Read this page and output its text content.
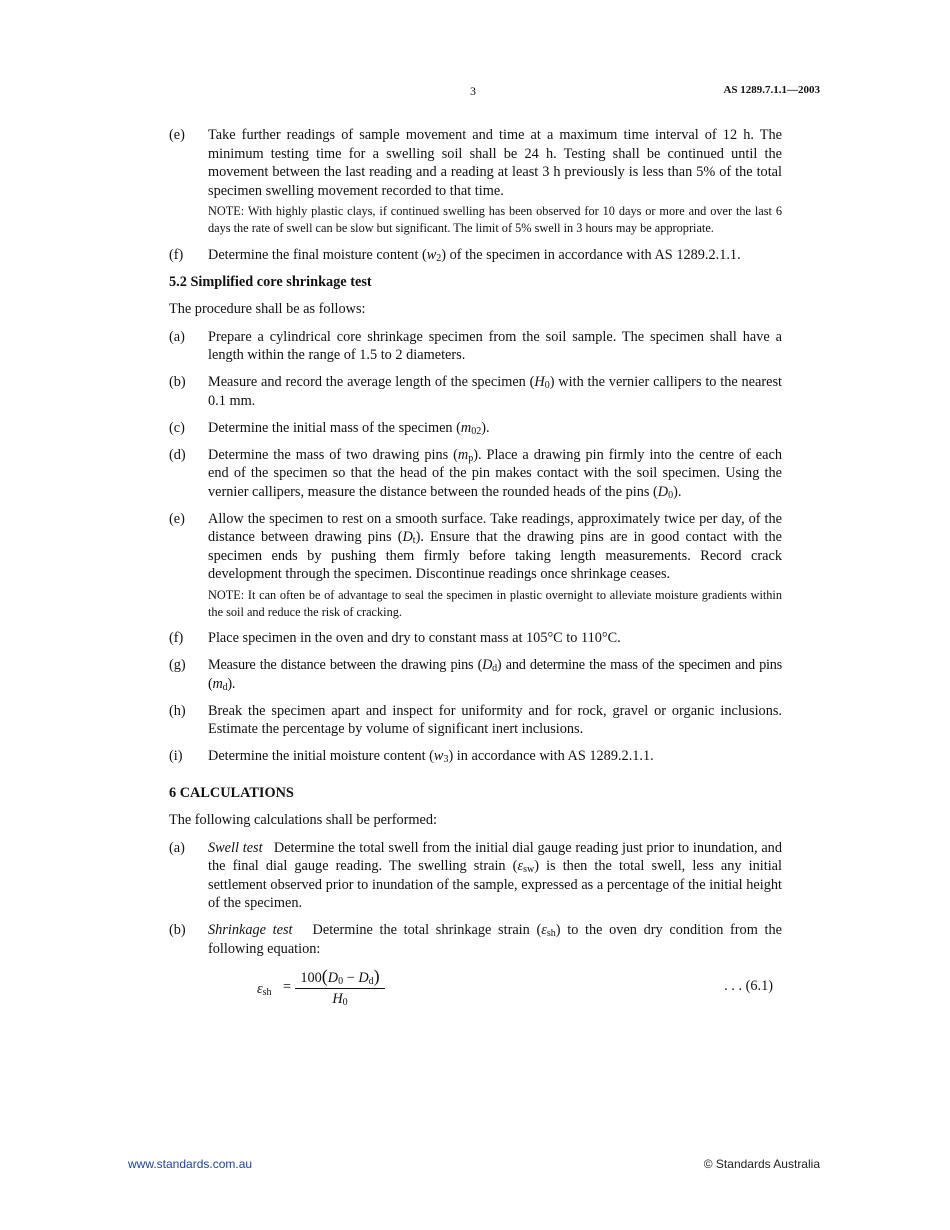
3	AS 1289.7.1.1—2003
(e)	Take further readings of sample movement and time at a maximum time interval of 12 h. The minimum testing time for a swelling soil shall be 24 h. Testing shall be continued until the movement between the last reading and a reading at least 3 h previously is less than 5% of the total specimen swelling movement recorded to that time.
NOTE: With highly plastic clays, if continued swelling has been observed for 10 days or more and over the last 6 days the rate of swell can be slow but significant. The limit of 5% swell in 3 hours may be appropriate.
(f)	Determine the final moisture content $(w_2)$ of the specimen in accordance with AS 1289.2.1.1.
5.2 Simplified core shrinkage test
The procedure shall be as follows:
(a)	Prepare a cylindrical core shrinkage specimen from the soil sample. The specimen shall have a length within the range of 1.5 to 2 diameters.
(b)	Measure and record the average length of the specimen $(H_0)$ with the vernier callipers to the nearest 0.1 mm.
(c)	Determine the initial mass of the specimen $(m_{02})$.
(d)	Determine the mass of two drawing pins $(m_p)$. Place a drawing pin firmly into the centre of each end of the specimen so that the head of the pin makes contact with the soil specimen. Using the vernier callipers, measure the distance between the rounded heads of the pins $(D_0)$.
(e)	Allow the specimen to rest on a smooth surface. Take readings, approximately twice per day, of the distance between drawing pins $(D_t)$. Ensure that the drawing pins are in good contact with the specimen ends by pushing them firmly before taking length measurements. Record crack development through the specimen. Discontinue readings once shrinkage ceases.
NOTE: It can often be of advantage to seal the specimen in plastic overnight to alleviate moisture gradients within the soil and reduce the risk of cracking.
(f)	Place specimen in the oven and dry to constant mass at 105°C to 110°C.
(g)	Measure the distance between the drawing pins $(D_d)$ and determine the mass of the specimen and pins $(m_d)$.
(h)	Break the specimen apart and inspect for uniformity and for rock, gravel or organic inclusions. Estimate the percentage by volume of significant inert inclusions.
(i)	Determine the initial moisture content $(w_3)$ in accordance with AS 1289.2.1.1.
6 CALCULATIONS
The following calculations shall be performed:
(a)	Swell test Determine the total swell from the initial dial gauge reading just prior to inundation, and the final dial gauge reading. The swelling strain $(\varepsilon_{sw})$ is then the total swell, less any initial settlement observed prior to inundation of the sample, expressed as a percentage of the initial height of the specimen.
(b)	Shrinkage test Determine the total shrinkage strain $(\varepsilon_{sh})$ to the oven dry condition from the following equation:
$\varepsilon_{sh} = \frac{100(D_0 - D_d)}{H_0}$	. . . (6.1)
www.standards.com.au	© Standards Australia
